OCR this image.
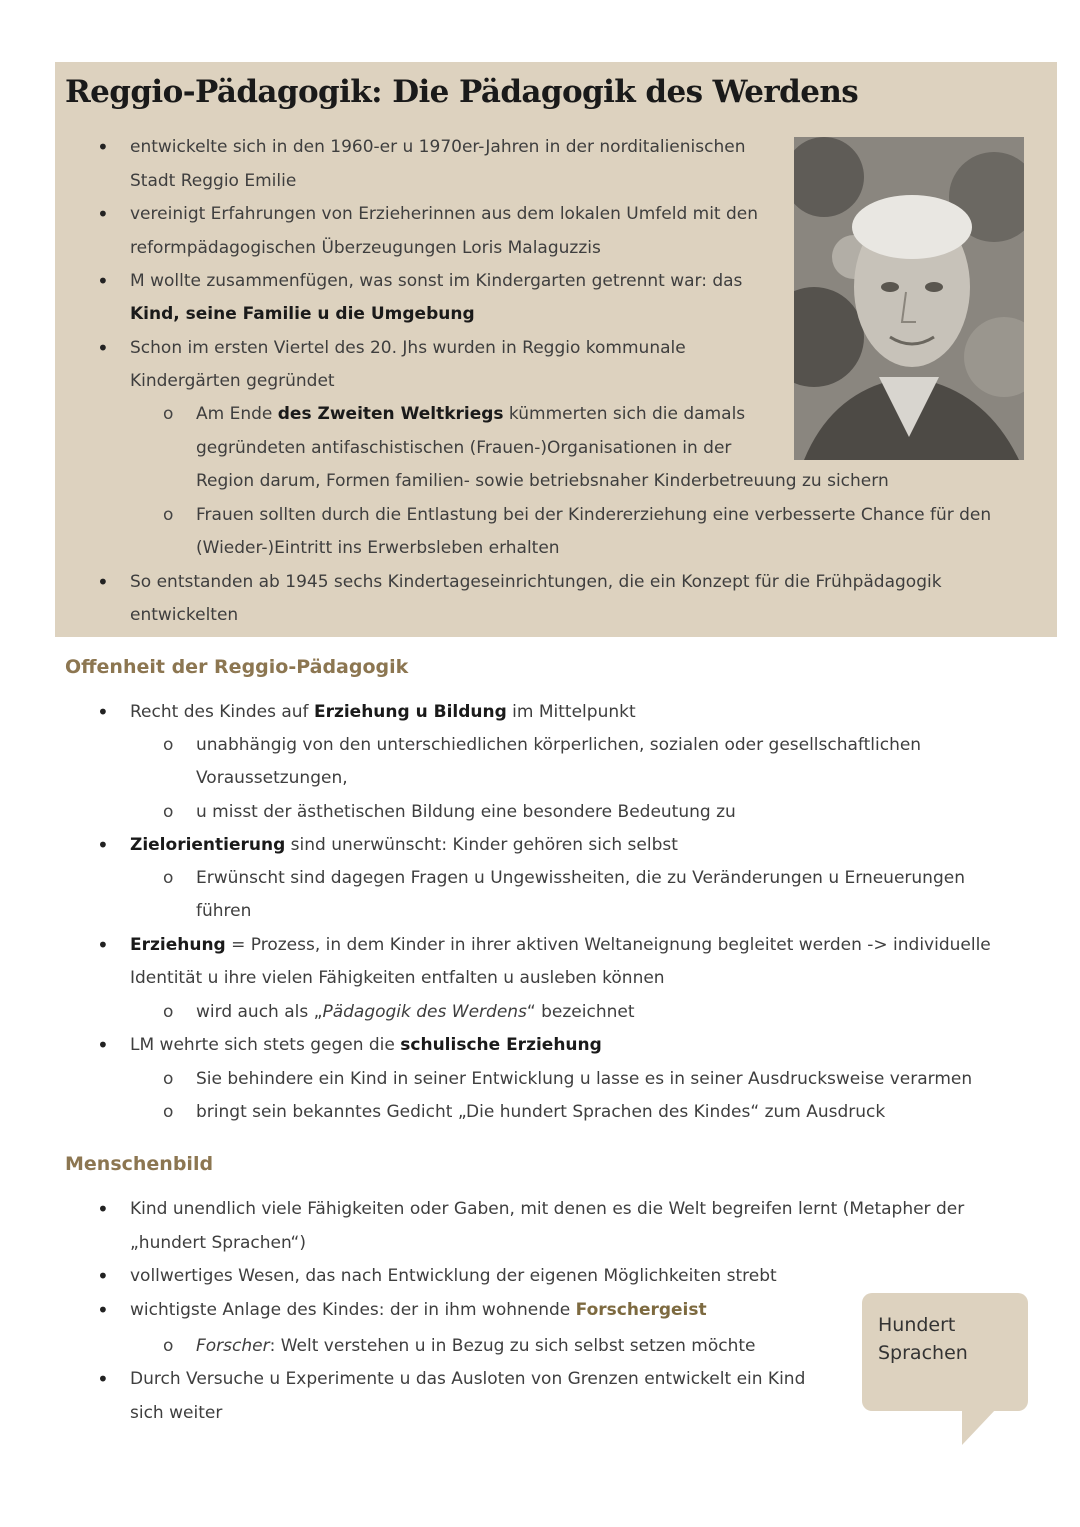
Reggio-Pädagogik: Die Pädagogik des Werdens
• entwickelte sich in den 1960-er u 1970er-Jahren in der norditalienischen
Stadt Reggio Emilie
• vereinigt Erfahrungen von Erzieherinnen aus dem lokalen Umfeld mit den
reformpädagogischen Überzeugungen Loris Malaguzzis
• M wollte zusammenfügen, was sonst im Kindergarten getrennt war: das
Kind, seine Familie u die Umgebung
• Schon im ersten Viertel des 20. Jhs wurden in Reggio kommunale
Kindergärten gegründet
o Am Ende des Zweiten Weltkriegs kümmerten sich die damals
gegründeten antifaschistischen (Frauen-)Organisationen in der
Region darum, Formen familien- sowie betriebsnaher Kinderbetreuung zu sichern
o Frauen sollten durch die Entlastung bei der Kindererziehung eine verbesserte Chance für den
(Wieder-)Eintritt ins Erwerbsleben erhalten
• So entstanden ab 1945 sechs Kindertageseinrichtungen, die ein Konzept für die Frühpädagogik
entwickelten
Offenheit der Reggio-Pädagogik
• Recht des Kindes auf Erziehung u Bildung im Mittelpunkt
o unabhängig von den unterschiedlichen körperlichen, sozialen oder gesellschaftlichen
Voraussetzungen,
o u misst der ästhetischen Bildung eine besondere Bedeutung zu
• Zielorientierung sind unerwünscht: Kinder gehören sich selbst
o Erwünscht sind dagegen Fragen u Ungewissheiten, die zu Veränderungen u Erneuerungen
führen
• Erziehung = Prozess, in dem Kinder in ihrer aktiven Weltaneignung begleitet werden -> individuelle
Identität u ihre vielen Fähigkeiten entfalten u ausleben können
o wird auch als „Pädagogik des Werdens“ bezeichnet
• LM wehrte sich stets gegen die schulische Erziehung
o Sie behindere ein Kind in seiner Entwicklung u lasse es in seiner Ausdrucksweise verarmen
o bringt sein bekanntes Gedicht „Die hundert Sprachen des Kindes“ zum Ausdruck
Menschenbild
• Kind unendlich viele Fähigkeiten oder Gaben, mit denen es die Welt begreifen lernt (Metapher der
„hundert Sprachen“)
• vollwertiges Wesen, das nach Entwicklung der eigenen Möglichkeiten strebt
• wichtigste Anlage des Kindes: der in ihm wohnende Forschergeist
o Forscher: Welt verstehen u in Bezug zu sich selbst setzen möchte
• Durch Versuche u Experimente u das Ausloten von Grenzen entwickelt ein Kind
sich weiter
Hundert
Sprachen
